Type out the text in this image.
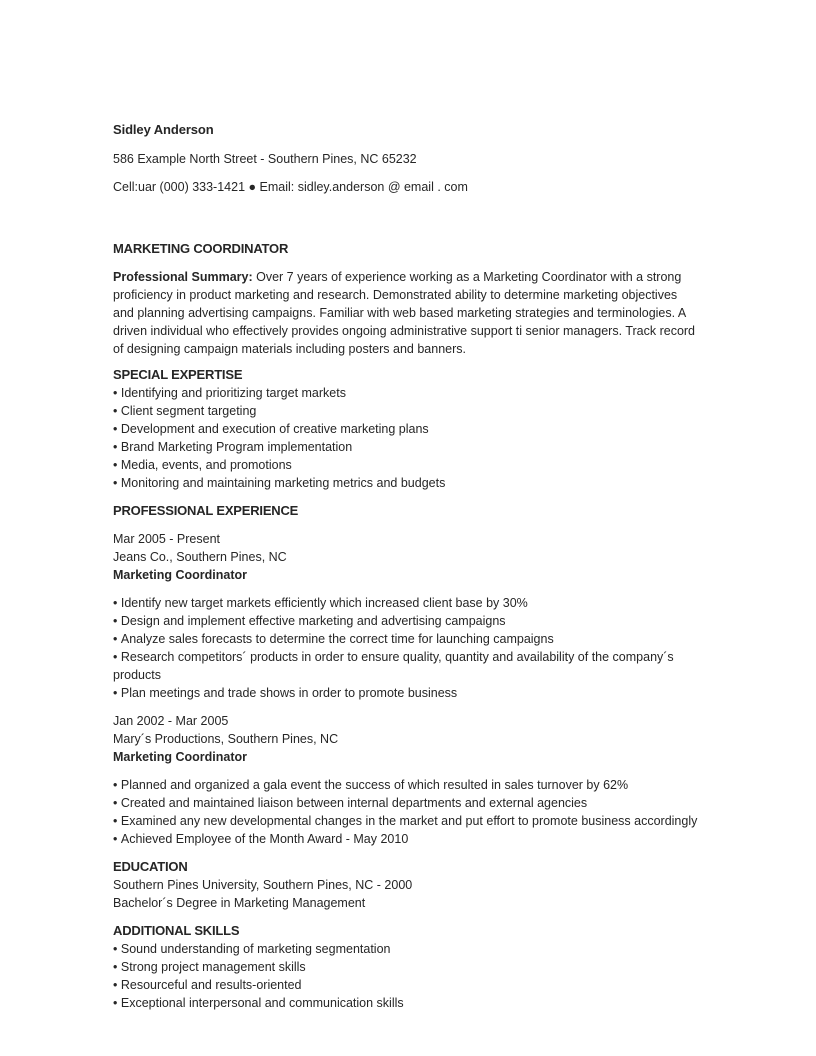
Sidley Anderson

586 Example North Street - Southern Pines, NC 65232

Cell:uar (000) 333-1421 ● Email: sidley.anderson @ email . com

MARKETING COORDINATOR

Professional Summary: Over 7 years of experience working as a Marketing Coordinator with a strong proficiency in product marketing and research. Demonstrated ability to determine marketing objectives and planning advertising campaigns. Familiar with web based marketing strategies and terminologies. A driven individual who effectively provides ongoing administrative support ti senior managers. Track record of designing campaign materials including posters and banners.

SPECIAL EXPERTISE

• Identifying and prioritizing target markets
• Client segment targeting
• Development and execution of creative marketing plans
• Brand Marketing Program implementation
• Media, events, and promotions
• Monitoring and maintaining marketing metrics and budgets

PROFESSIONAL EXPERIENCE

Mar 2005 - Present

Jeans Co., Southern Pines, NC

Marketing Coordinator

• Identify new target markets efficiently which increased client base by 30%
• Design and implement effective marketing and advertising campaigns
• Analyze sales forecasts to determine the correct time for launching campaigns
• Research competitors´ products in order to ensure quality, quantity and availability of the company´s products
• Plan meetings and trade shows in order to promote business

Jan 2002 - Mar 2005

Mary´s Productions, Southern Pines, NC

Marketing Coordinator

• Planned and organized a gala event the success of which resulted in sales turnover by 62%
• Created and maintained liaison between internal departments and external agencies
• Examined any new developmental changes in the market and put effort to promote business accordingly
• Achieved Employee of the Month Award - May 2010

EDUCATION

Southern Pines University, Southern Pines, NC - 2000

Bachelor´s Degree in Marketing Management

ADDITIONAL SKILLS

• Sound understanding of marketing segmentation
• Strong project management skills
• Resourceful and results-oriented
• Exceptional interpersonal and communication skills
